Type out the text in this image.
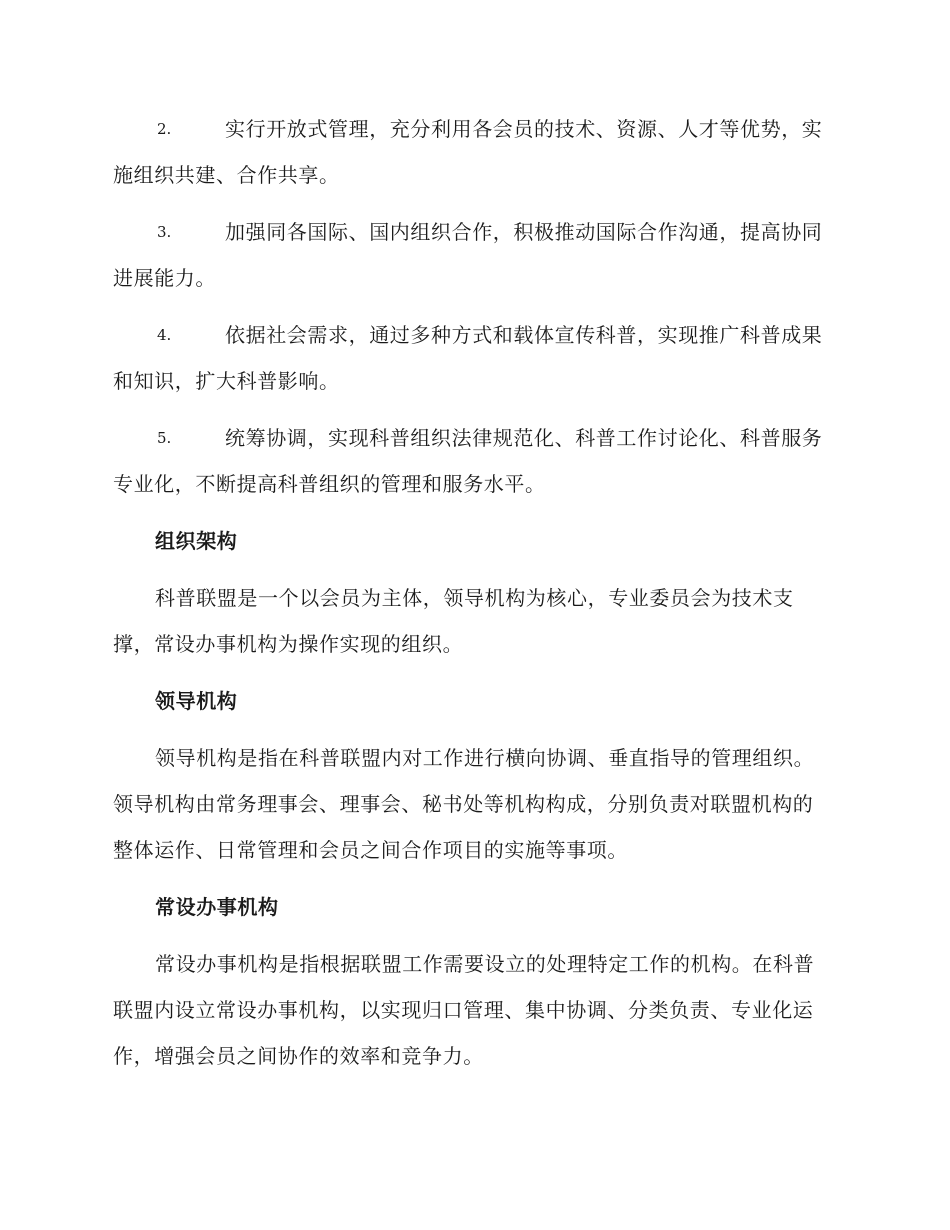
2.	实行开放式管理，充分利用各会员的技术、资源、人才等优势，实施组织共建、合作共享。
3.	加强同各国际、国内组织合作，积极推动国际合作沟通，提高协同进展能力。
4.	依据社会需求，通过多种方式和载体宣传科普，实现推广科普成果和知识，扩大科普影响。
5.	统筹协调，实现科普组织法律规范化、科普工作讨论化、科普服务专业化，不断提高科普组织的管理和服务水平。
组织架构
科普联盟是一个以会员为主体，领导机构为核心，专业委员会为技术支撑，常设办事机构为操作实现的组织。
领导机构
领导机构是指在科普联盟内对工作进行横向协调、垂直指导的管理组织。领导机构由常务理事会、理事会、秘书处等机构构成，分别负责对联盟机构的整体运作、日常管理和会员之间合作项目的实施等事项。
常设办事机构
常设办事机构是指根据联盟工作需要设立的处理特定工作的机构。在科普联盟内设立常设办事机构，以实现归口管理、集中协调、分类负责、专业化运作，增强会员之间协作的效率和竞争力。
